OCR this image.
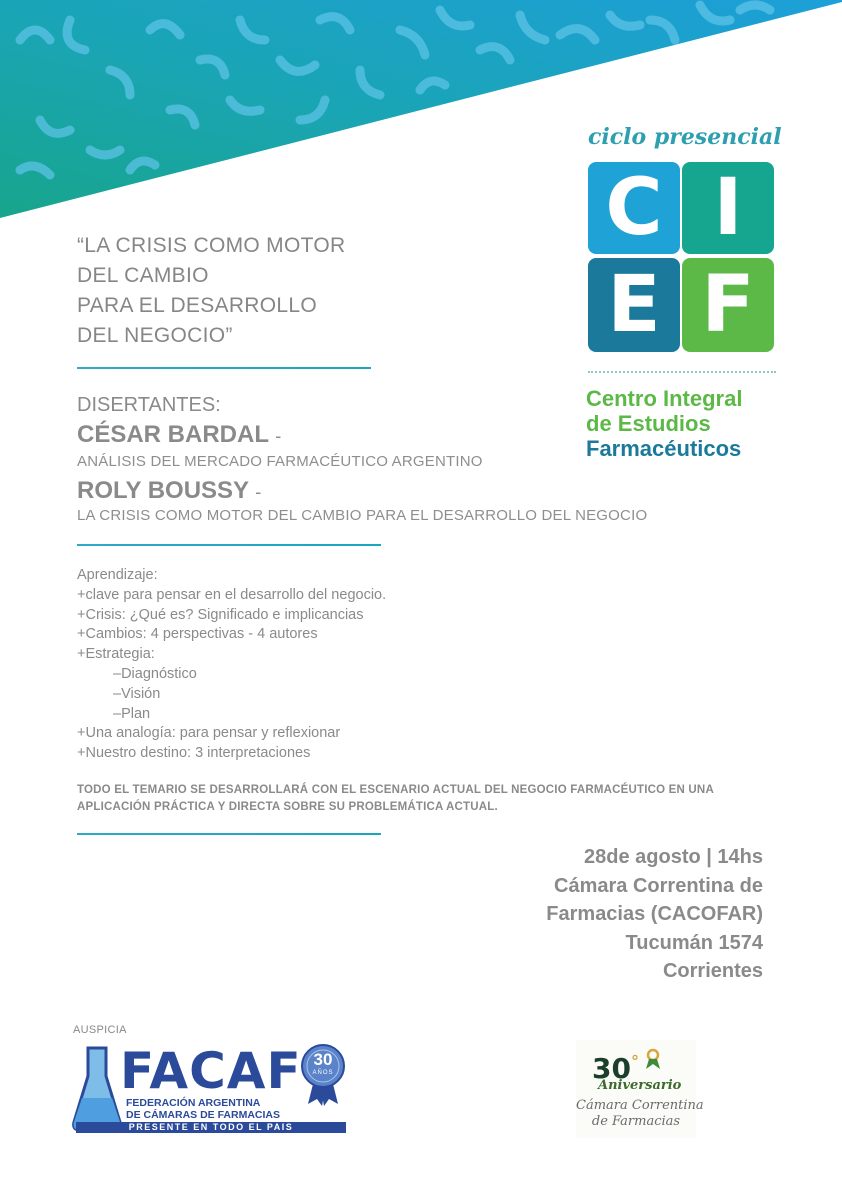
“LA CRISIS COMO MOTOR
DEL CAMBIO
PARA EL DESARROLLO
DEL NEGOCIO”
DISERTANTES:
CÉSAR BARDAL -
ANÁLISIS DEL MERCADO FARMACÉUTICO ARGENTINO
ROLY BOUSSY -
LA CRISIS COMO MOTOR DEL CAMBIO PARA EL DESARROLLO DEL NEGOCIO
Aprendizaje:
+clave para pensar en el desarrollo del negocio.
+Crisis: ¿Qué es? Significado e implicancias
+Cambios: 4 perspectivas - 4 autores
+Estrategia:
–Diagnóstico
–Visión
–Plan
+Una analogía: para pensar y reflexionar
+Nuestro destino: 3 interpretaciones
TODO EL TEMARIO SE DESARROLLARÁ CON EL ESCENARIO ACTUAL DEL NEGOCIO FARMACÉUTICO EN UNA
APLICACIÓN PRÁCTICA Y DIRECTA SOBRE SU PROBLEMÁTICA ACTUAL.
28de agosto | 14hs
Cámara Correntina de
Farmacias (CACOFAR)
Tucumán 1574
Corrientes
ciclo presencial
C I
E F
Centro Integral
de Estudios
Farmacéuticos
AUSPICIA
FACAF 30
AÑOS
FEDERACIÓN ARGENTINA
DE CÁMARAS DE FARMACIAS
PRESENTE EN TODO EL PAIS
30°
Aniversario
Cámara Correntina
de Farmacias
